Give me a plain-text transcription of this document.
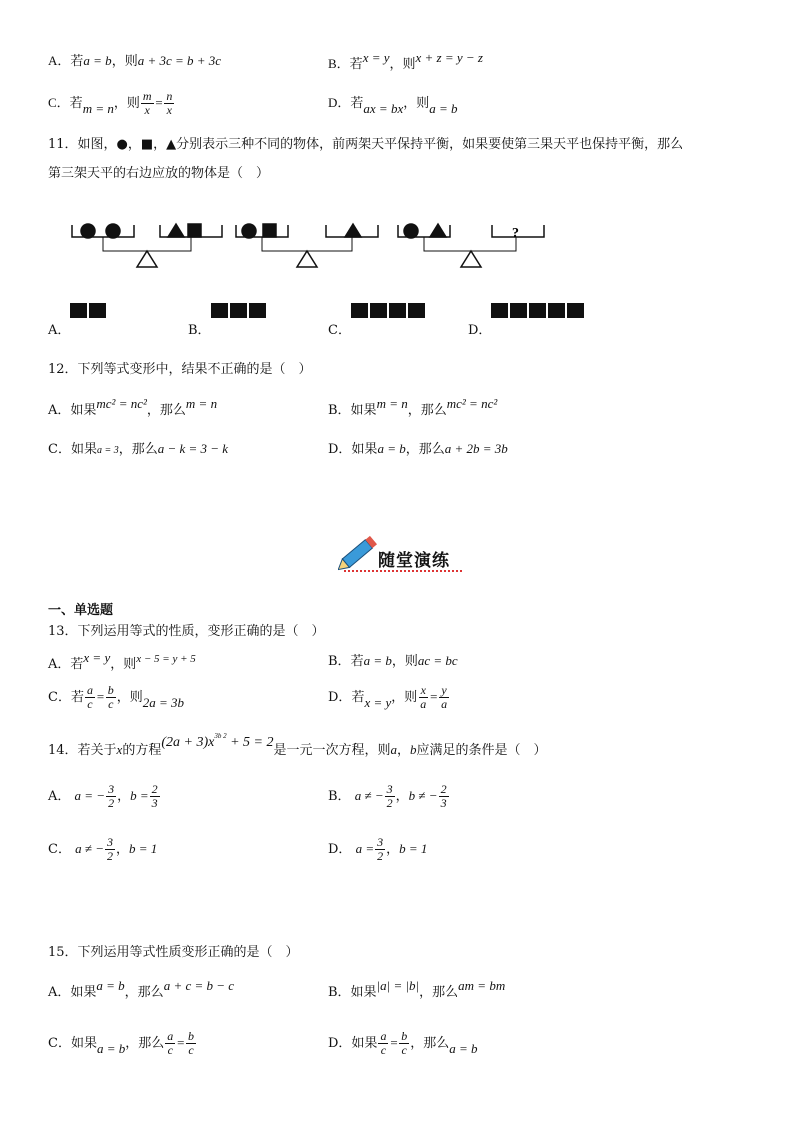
A．若a = b，则a + 3c = b + 3c	B．若x = y，则x + z = y − z
C．若m = n，则 $\frac{m}{x} = \frac{n}{x}$	D．若ax = bx，则a = b
11．如图，●，■，▲分别表示三种不同的物体，前两架天平保持平衡，如果要使第三果天平也保持平衡，那么
第三架天平的右边应放的物体是（　）
?
A．	B．	C．	D．
12．下列等式变形中，结果不正确的是（　）
A．如果mc² = nc²，那么m = n	B．如果m = n，那么mc² = nc²
C．如果a = 3，那么a − k = 3 − k	D．如果a = b，那么a + 2b = 3b
随堂演练
一、单选题
13．下列运用等式的性质，变形正确的是（　）
A．若x = y，则$^{x - 5 = y + 5}$	B．若a = b，则ac = bc
C．若 $\frac{a}{c} = \frac{b}{c}$ ，则2a = 3b	D．若x = y，则 $\frac{x}{a} = \frac{y}{a}$
14．若关于x的方程$(2a + 3)x^{3b 2} + 5 = 2$是一元一次方程，则a，b应满足的条件是（　）
A． a = − $\frac{3}{2}$ ，$b = \frac{2}{3}$	B． a ≠ − $\frac{3}{2}$ ，b ≠ − $\frac{2}{3}$
C． a ≠ − $\frac{3}{2}$ ，b = 1	D． $a = \frac{3}{2}$ ，b = 1
15．下列运用等式性质变形正确的是（　）
A．如果a = b，那么a + c = b − c	B．如果|a| = |b|，那么am = bm
C．如果a = b，那么 $\frac{a}{c} = \frac{b}{c}$	D．如果 $\frac{a}{c} = \frac{b}{c}$ ，那么a = b
